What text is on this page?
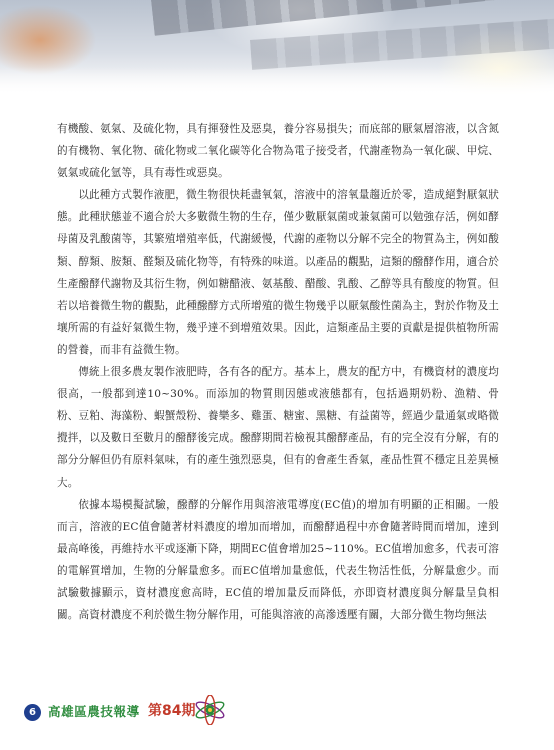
有機酸、氨氣、及硫化物，具有揮發性及惡臭，養分容易損失；而底部的厭氣層溶液，以含氮的有機物、氧化物、硫化物或二氧化碳等化合物為電子接受者，代謝產物為一氧化碳、甲烷、氨氣或硫化氫等，具有毒性或惡臭。

以此種方式製作液肥，微生物很快耗盡氧氣，溶液中的溶氧量趨近於零，造成絕對厭氣狀態。此種狀態並不適合於大多數微生物的生存，僅少數厭氣菌或兼氣菌可以勉強存活，例如酵母菌及乳酸菌等，其繁殖增殖率低，代謝緩慢，代謝的產物以分解不完全的物質為主，例如酸類、醇類、胺類、醛類及硫化物等，有特殊的味道。以產品的觀點，這類的醱酵作用，適合於生產醱酵代謝物及其衍生物，例如糖醋液、氨基酸、醋酸、乳酸、乙醇等具有酸度的物質。但若以培養微生物的觀點，此種醱酵方式所增殖的微生物幾乎以厭氣酸性菌為主，對於作物及土壤所需的有益好氣微生物，幾乎達不到增殖效果。因此，這類產品主要的貢獻是提供植物所需的營養，而非有益微生物。

傳統上很多農友製作液肥時，各有各的配方。基本上，農友的配方中，有機資材的濃度均很高，一般都到達10~30%。而添加的物質則因態或液態都有，包括過期奶粉、漁精、骨粉、豆粕、海藻粉、蝦蟹殼粉、養樂多、雞蛋、糖蜜、黑糖、有益菌等，經過少量通氣或略微攪拌，以及數日至數月的醱酵後完成。醱酵期間若檢視其醱酵產品，有的完全沒有分解，有的部分分解但仍有原料氣味，有的產生強烈惡臭，但有的會產生香氣，產品性質不穩定且差異極大。

依據本場模擬試驗，醱酵的分解作用與溶液電導度(EC值)的增加有明顯的正相關。一般而言，溶液的EC值會隨著材料濃度的增加而增加，而醱酵過程中亦會隨著時間而增加，達到最高峰後，再維持水平或逐漸下降，期間EC值會增加25~110%。EC值增加愈多，代表可溶的電解質增加，生物的分解量愈多。而EC值增加量愈低，代表生物活性低，分解量愈少。而試驗數據顯示，資材濃度愈高時，EC值的增加量反而降低，亦即資材濃度與分解量呈負相關。高資材濃度不利於微生物分解作用，可能與溶液的高滲透壓有關，大部分微生物均無法

6 高雄區農技報導 第84期
